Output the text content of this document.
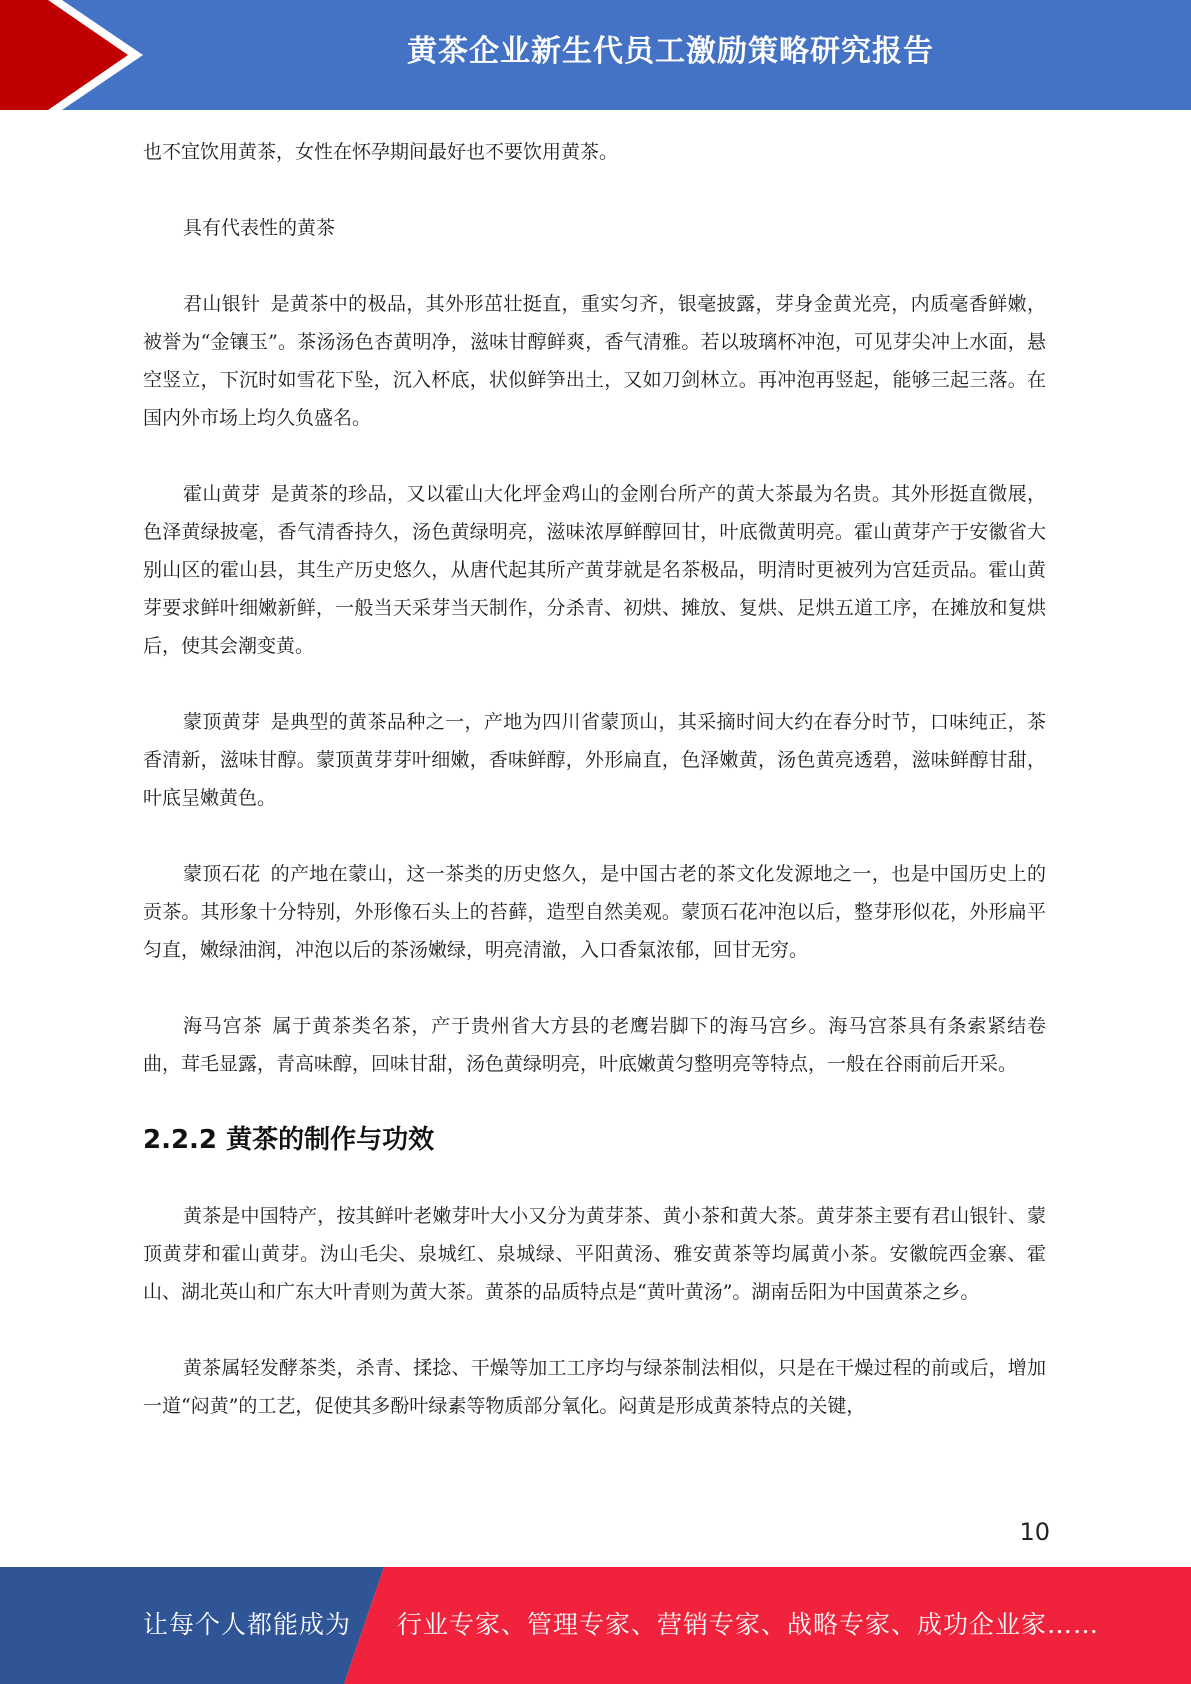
黄茶企业新生代员工激励策略研究报告

也不宜饮用黄茶，女性在怀孕期间最好也不要饮用黄茶。

具有代表性的黄茶

君山银针 是黄茶中的极品，其外形茁壮挺直，重实匀齐，银毫披露，芽身金黄光亮，内质毫香鲜嫩，被誉为“金镶玉”。茶汤汤色杏黄明净，滋味甘醇鲜爽，香气清雅。若以玻璃杯冲泡，可见芽尖冲上水面，悬空竖立，下沉时如雪花下坠，沉入杯底，状似鲜笋出土，又如刀剑林立。再冲泡再竖起，能够三起三落。在国内外市场上均久负盛名。

霍山黄芽 是黄茶的珍品，又以霍山大化坪金鸡山的金刚台所产的黄大茶最为名贵。其外形挺直微展，色泽黄绿披毫，香气清香持久，汤色黄绿明亮，滋味浓厚鲜醇回甘，叶底微黄明亮。霍山黄芽产于安徽省大别山区的霍山县，其生产历史悠久，从唐代起其所产黄芽就是名茶极品，明清时更被列为宫廷贡品。霍山黄芽要求鲜叶细嫩新鲜，一般当天采芽当天制作，分杀青、初烘、摊放、复烘、足烘五道工序，在摊放和复烘后，使其会潮变黄。

蒙顶黄芽 是典型的黄茶品种之一，产地为四川省蒙顶山，其采摘时间大约在春分时节，口味纯正，茶香清新，滋味甘醇。蒙顶黄芽芽叶细嫩，香味鲜醇，外形扁直，色泽嫩黄，汤色黄亮透碧，滋味鲜醇甘甜，叶底呈嫩黄色。

蒙顶石花 的产地在蒙山，这一茶类的历史悠久，是中国古老的茶文化发源地之一，也是中国历史上的贡茶。其形象十分特别，外形像石头上的苔藓，造型自然美观。蒙顶石花冲泡以后，整芽形似花，外形扁平匀直，嫩绿油润，冲泡以后的茶汤嫩绿，明亮清澈，入口香氣浓郁，回甘无穷。

海马宫茶 属于黄茶类名茶，产于贵州省大方县的老鹰岩脚下的海马宫乡。海马宫茶具有条索紧结卷曲，茸毛显露，青高味醇，回味甘甜，汤色黄绿明亮，叶底嫩黄匀整明亮等特点，一般在谷雨前后开采。

2.2.2 黄茶的制作与功效

黄茶是中国特产，按其鲜叶老嫩芽叶大小又分为黄芽茶、黄小茶和黄大茶。黄芽茶主要有君山银针、蒙顶黄芽和霍山黄芽。沩山毛尖、泉城红、泉城绿、平阳黄汤、雅安黄茶等均属黄小茶。安徽皖西金寨、霍山、湖北英山和广东大叶青则为黄大茶。黄茶的品质特点是“黄叶黄汤”。湖南岳阳为中国黄茶之乡。

黄茶属轻发酵茶类，杀青、揉捻、干燥等加工工序均与绿茶制法相似，只是在干燥过程的前或后，增加一道“闷黄”的工艺，促使其多酚叶绿素等物质部分氧化。闷黄是形成黄茶特点的关键，

10
让每个人都能成为 行业专家、管理专家、营销专家、战略专家、成功企业家……
